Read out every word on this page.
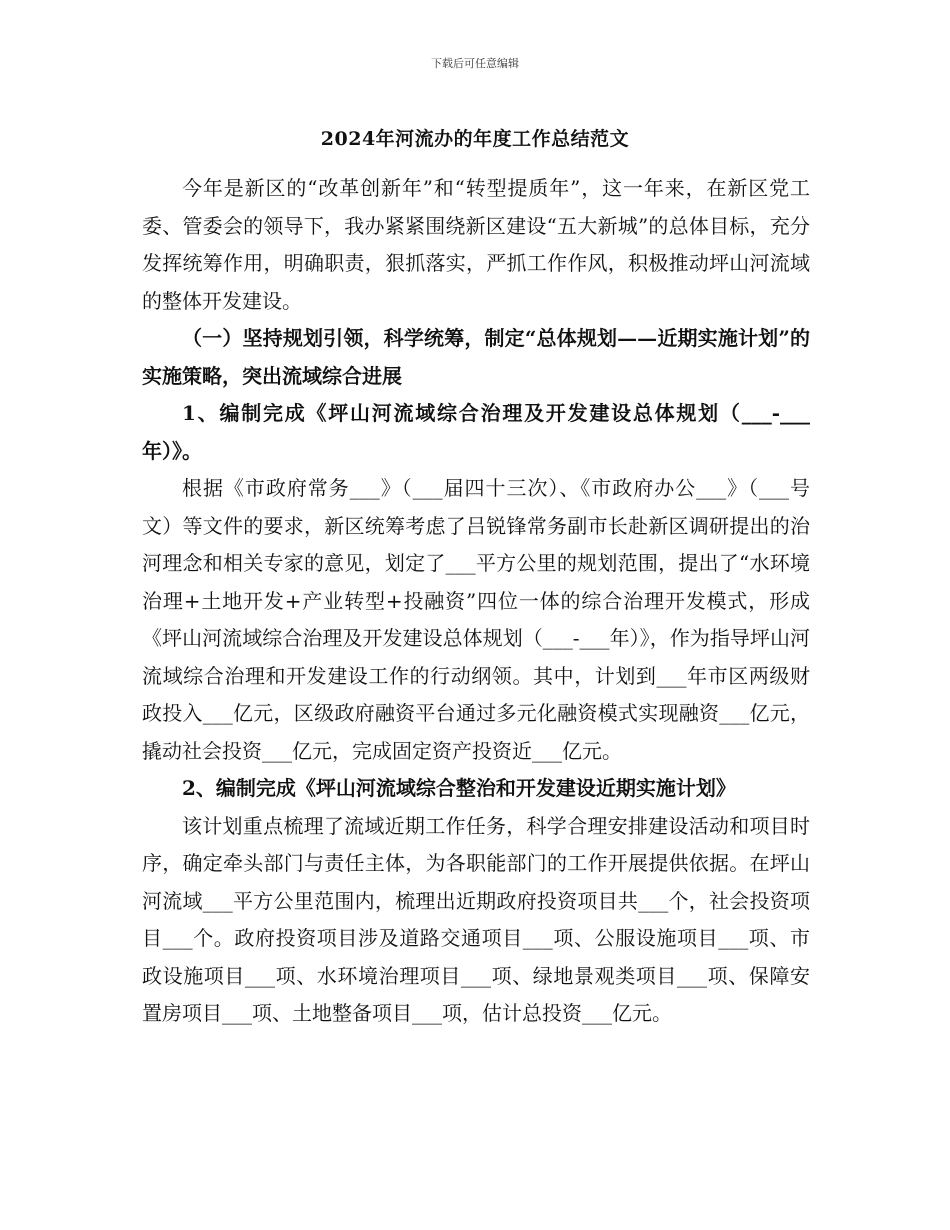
下载后可任意编辑
2024年河流办的年度工作总结范文

今年是新区的“改革创新年”和“转型提质年”，这一年来，在新区党工委、管委会的领导下，我办紧紧围绕新区建设“五大新城”的总体目标，充分发挥统筹作用，明确职责，狠抓落实，严抓工作作风，积极推动坪山河流域的整体开发建设。

（一）坚持规划引领，科学统筹，制定“总体规划——近期实施计划”的实施策略，突出流域综合进展

1、编制完成《坪山河流域综合治理及开发建设总体规划（___-___年）》。

根据《市政府常务___》（___届四十三次）、《市政府办公___》（___号文）等文件的要求，新区统筹考虑了吕锐锋常务副市长赴新区调研提出的治河理念和相关专家的意见，划定了___平方公里的规划范围，提出了“水环境治理+土地开发+产业转型+投融资”四位一体的综合治理开发模式，形成《坪山河流域综合治理及开发建设总体规划（___-___年）》，作为指导坪山河流域综合治理和开发建设工作的行动纲领。其中，计划到___年市区两级财政投入___亿元，区级政府融资平台通过多元化融资模式实现融资___亿元，撬动社会投资___亿元，完成固定资产投资近___亿元。

2、编制完成《坪山河流域综合整治和开发建设近期实施计划》

该计划重点梳理了流域近期工作任务，科学合理安排建设活动和项目时序，确定牵头部门与责任主体，为各职能部门的工作开展提供依据。在坪山河流域___平方公里范围内，梳理出近期政府投资项目共___个，社会投资项目___个。政府投资项目涉及道路交通项目___项、公服设施项目___项、市政设施项目___项、水环境治理项目___项、绿地景观类项目___项、保障安置房项目___项、土地整备项目___项，估计总投资___亿元。
